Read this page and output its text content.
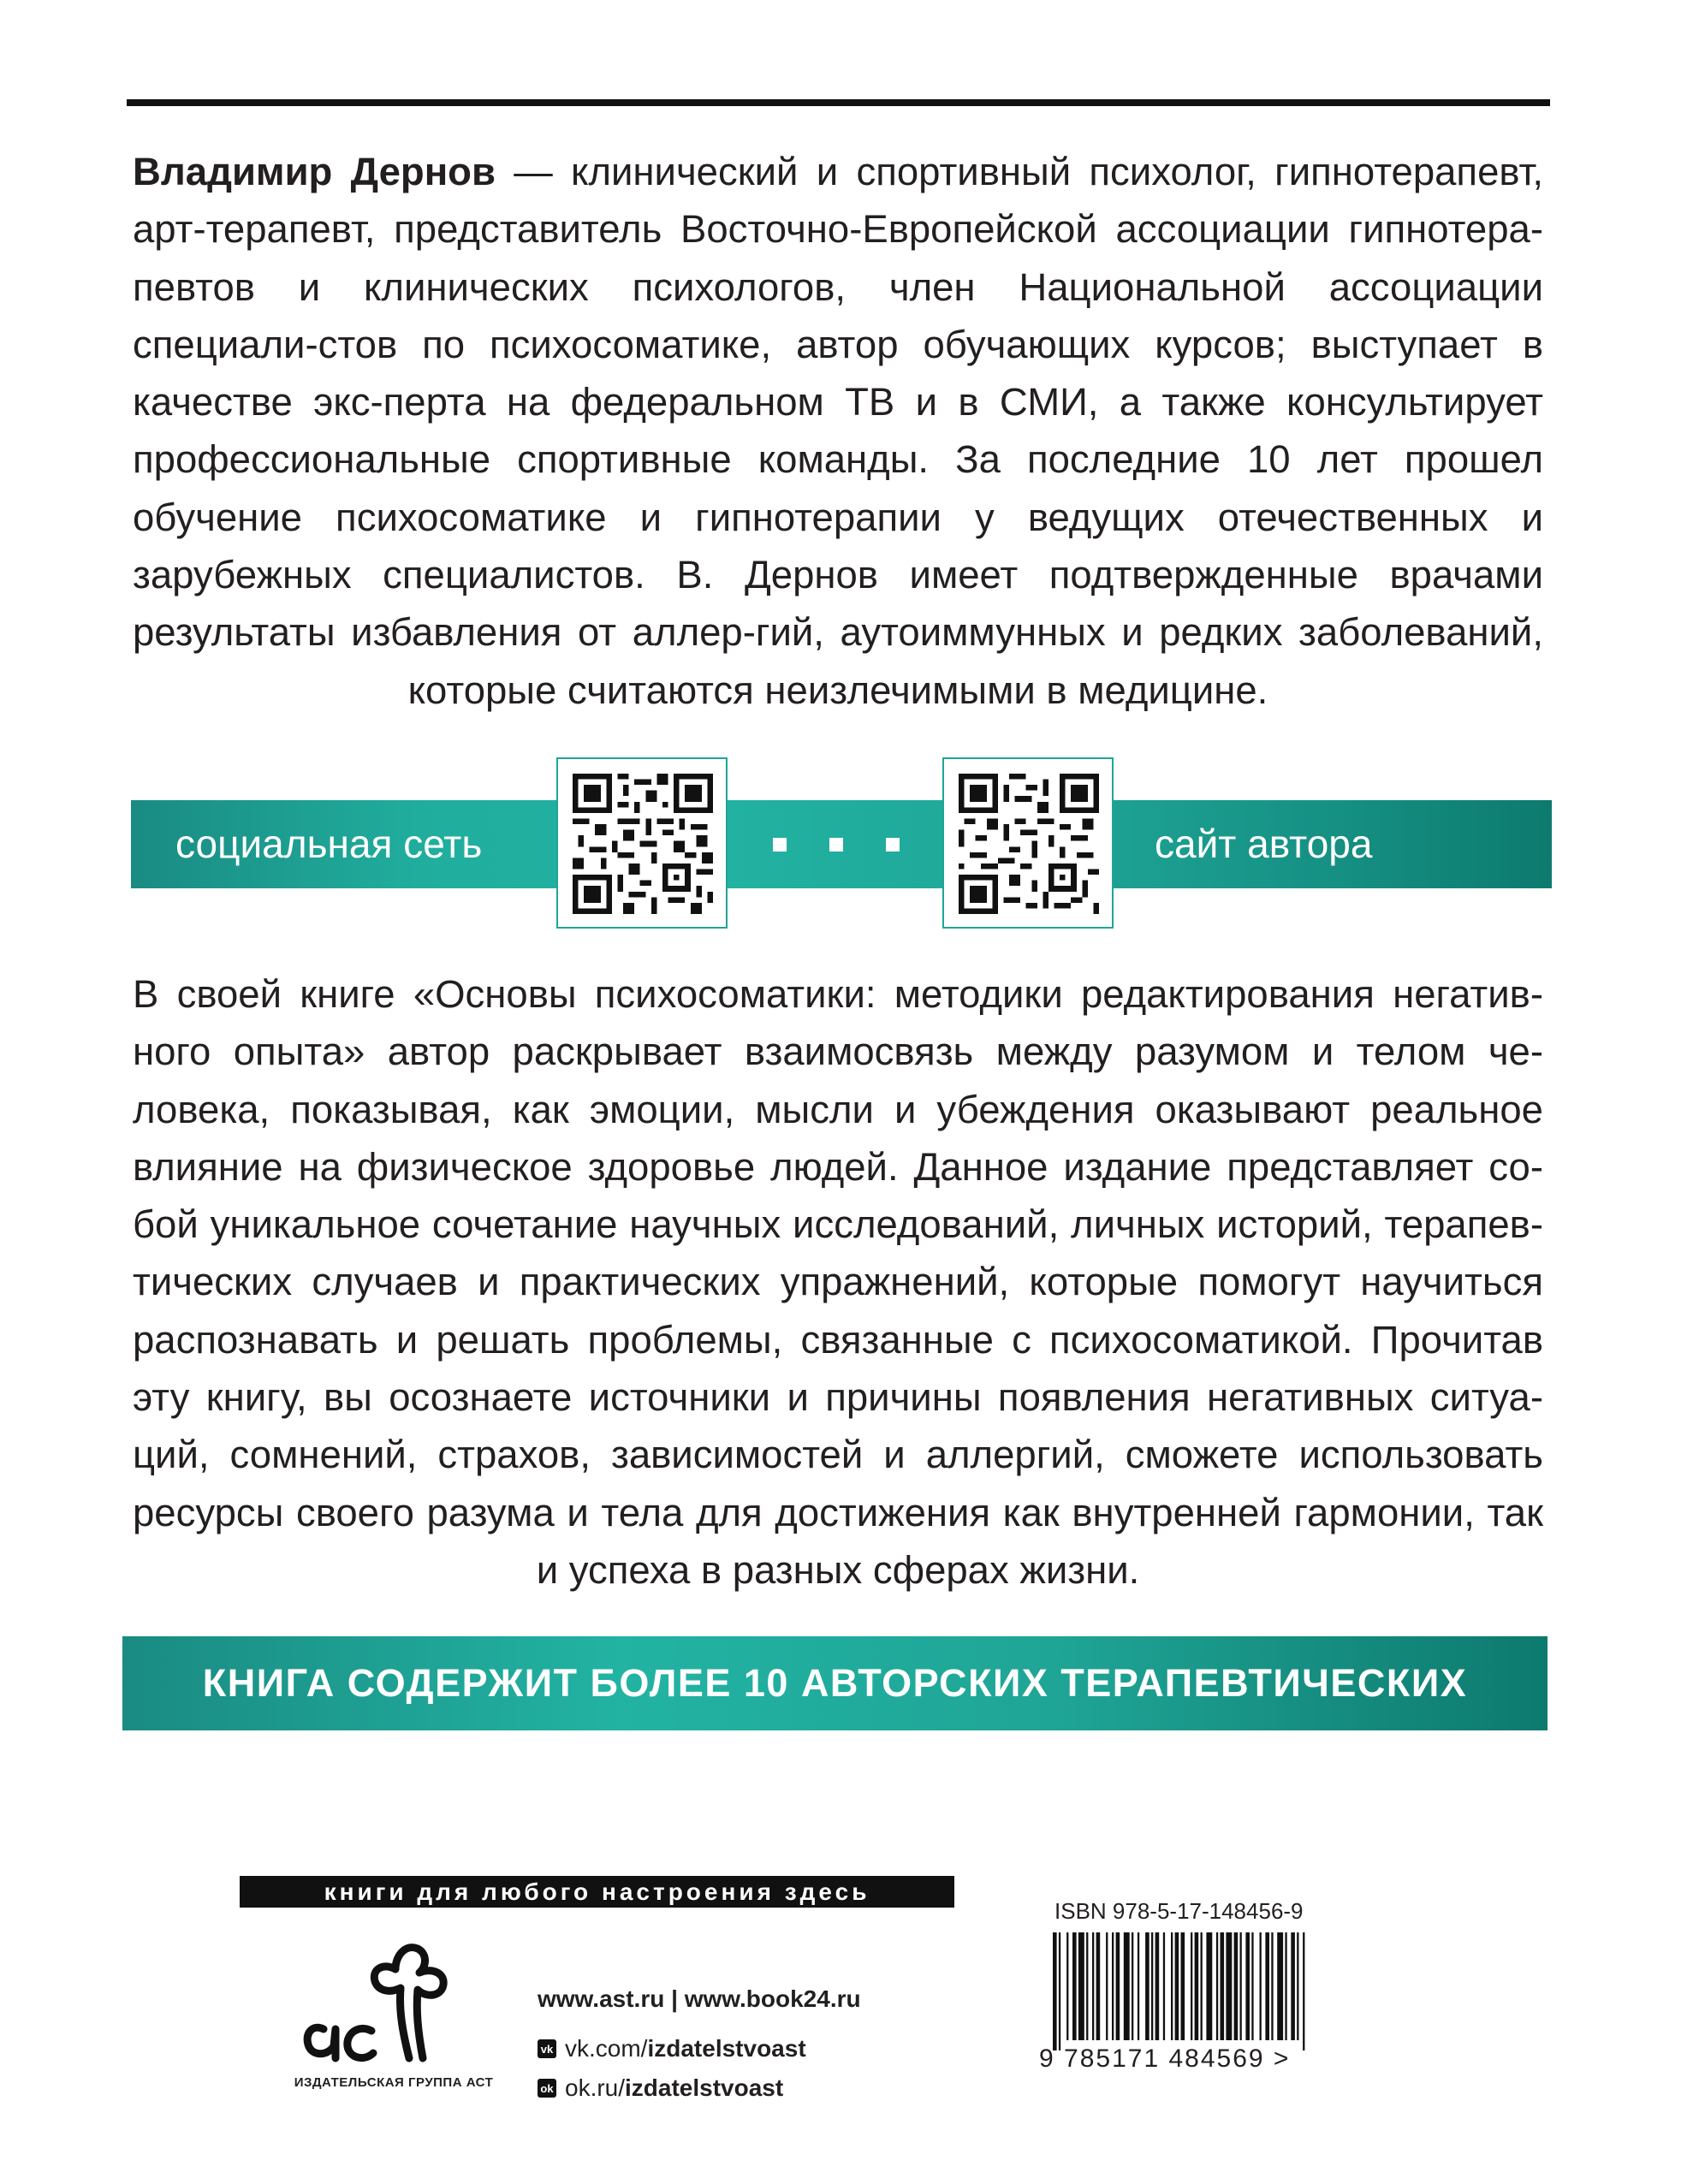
Владимир Дернов — клинический и спортивный психолог, гипнотерапевт, арт-терапевт, представитель Восточно-Европейской ассоциации гипнотера-певтов и клинических психологов, член Национальной ассоциации специали-стов по психосоматике, автор обучающих курсов; выступает в качестве экс-перта на федеральном ТВ и в СМИ, а также консультирует профессиональные спортивные команды. За последние 10 лет прошел обучение психосоматике и гипнотерапии у ведущих отечественных и зарубежных специалистов. В. Дернов имеет подтвержденные врачами результаты избавления от аллер-гий, аутоиммунных и редких заболеваний, которые считаются неизлечимыми в медицине.

социальная сеть	сайт автора

В своей книге «Основы психосоматики: методики редактирования негатив-ного опыта» автор раскрывает взаимосвязь между разумом и телом че-ловека, показывая, как эмоции, мысли и убеждения оказывают реальное влияние на физическое здоровье людей. Данное издание представляет со-бой уникальное сочетание научных исследований, личных историй, терапев-тических случаев и практических упражнений, которые помогут научиться распознавать и решать проблемы, связанные с психосоматикой. Прочитав эту книгу, вы осознаете источники и причины появления негативных ситуа-ций, сомнений, страхов, зависимостей и аллергий, сможете использовать ресурсы своего разума и тела для достижения как внутренней гармонии, так и успеха в разных сферах жизни.

КНИГА СОДЕРЖИТ БОЛЕЕ 10 АВТОРСКИХ ТЕРАПЕВТИЧЕСКИХ ГИПНОМЕДИТАЦИЙ
книги для любого настроения здесь
ИЗДАТЕЛЬСКАЯ ГРУППА АСТ
www.ast.ru | www.book24.ru
vk vk.com/ izdatelstvoast
ok ok.ru/ izdatelstvoast
ISBN 978-5-17-148456-9
9 785171 484569 >
